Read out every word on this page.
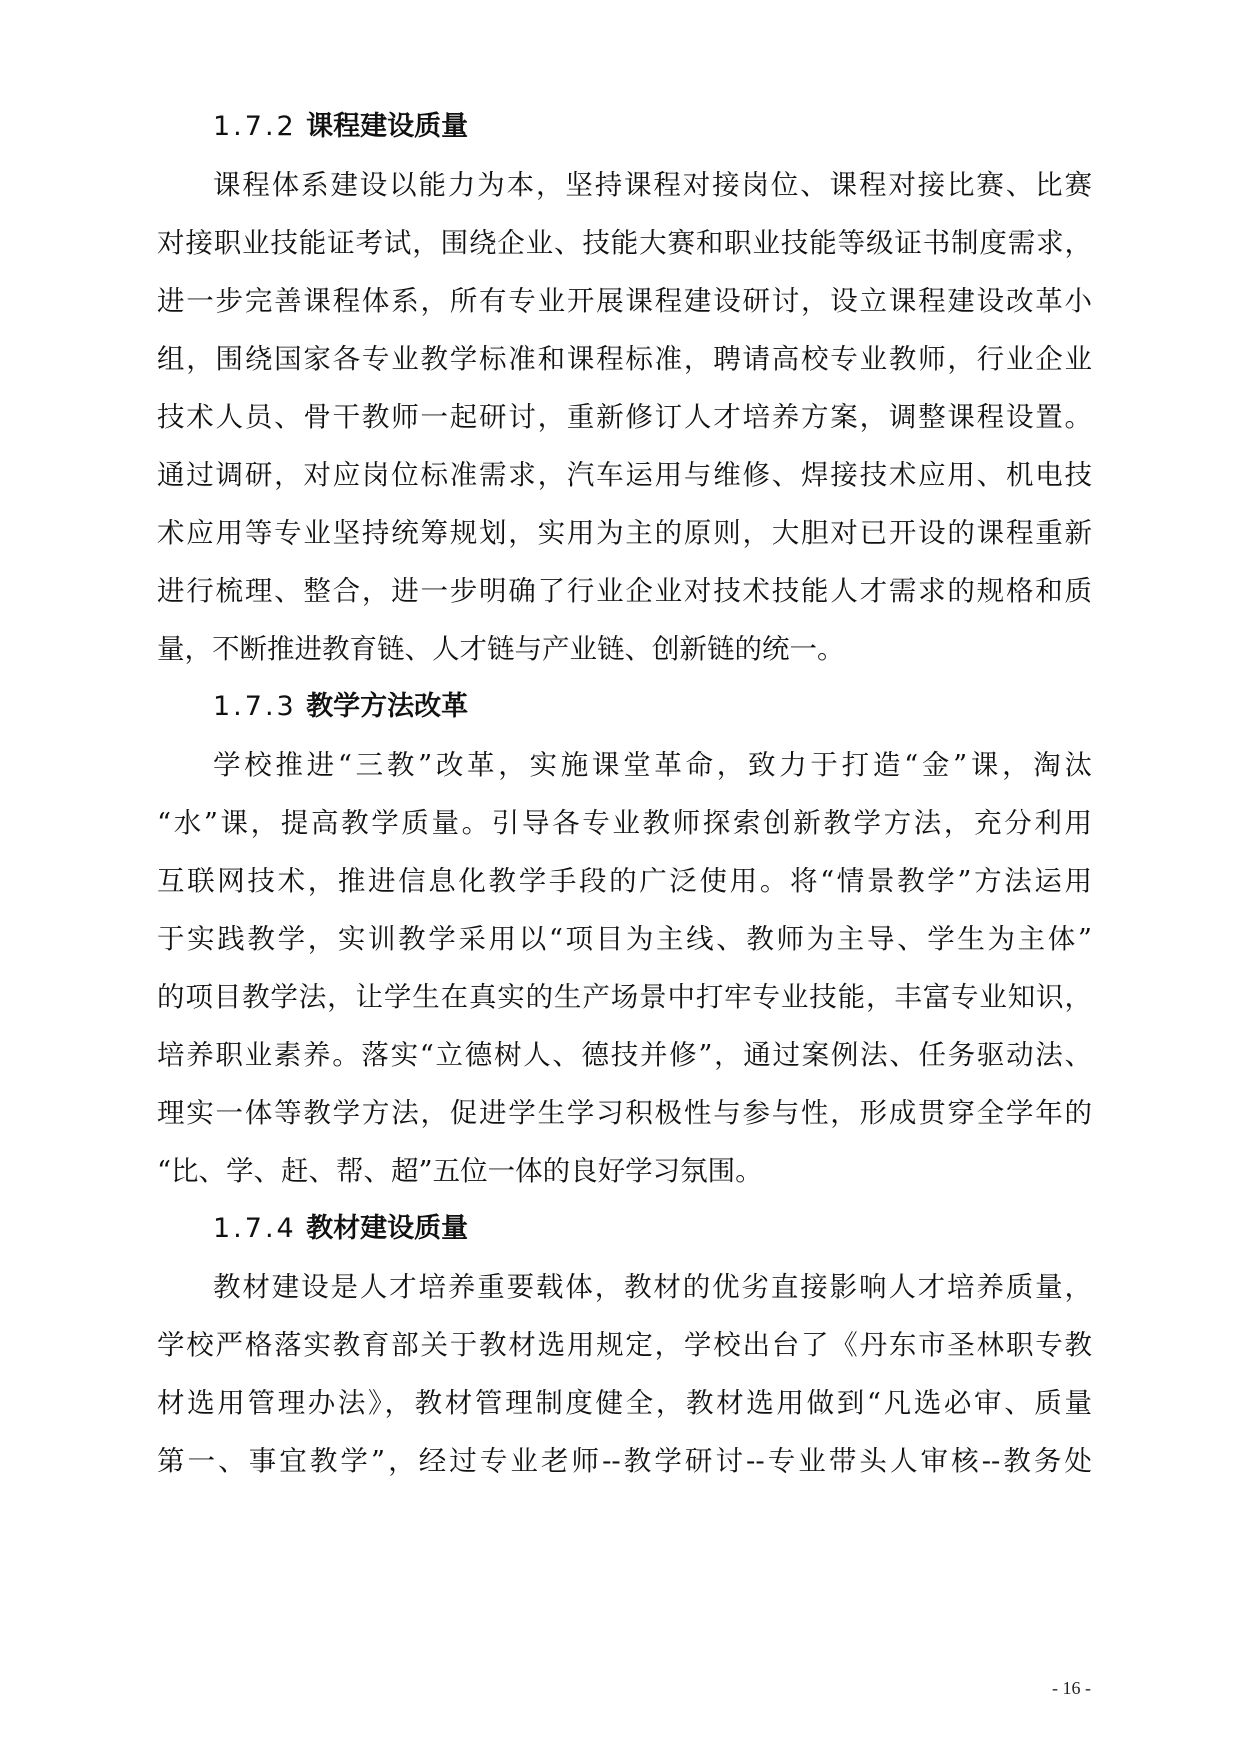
1.7.2 课程建设质量
课程体系建设以能力为本，坚持课程对接岗位、课程对接比赛、比赛
对接职业技能证考试，围绕企业、技能大赛和职业技能等级证书制度需求，
进一步完善课程体系，所有专业开展课程建设研讨，设立课程建设改革小
组，围绕国家各专业教学标准和课程标准，聘请高校专业教师，行业企业
技术人员、骨干教师一起研讨，重新修订人才培养方案，调整课程设置。
通过调研，对应岗位标准需求，汽车运用与维修、焊接技术应用、机电技
术应用等专业坚持统筹规划，实用为主的原则，大胆对已开设的课程重新
进行梳理、整合，进一步明确了行业企业对技术技能人才需求的规格和质
量，不断推进教育链、人才链与产业链、创新链的统一。
1.7.3 教学方法改革
学校推进“三教”改革，实施课堂革命，致力于打造“金”课，淘汰
“水”课，提高教学质量。引导各专业教师探索创新教学方法，充分利用
互联网技术，推进信息化教学手段的广泛使用。将“情景教学”方法运用
于实践教学，实训教学采用以“项目为主线、教师为主导、学生为主体”
的项目教学法，让学生在真实的生产场景中打牢专业技能，丰富专业知识，
培养职业素养。落实“立德树人、德技并修”，通过案例法、任务驱动法、
理实一体等教学方法，促进学生学习积极性与参与性，形成贯穿全学年的
“比、学、赶、帮、超”五位一体的良好学习氛围。
1.7.4 教材建设质量
教材建设是人才培养重要载体，教材的优劣直接影响人才培养质量，
学校严格落实教育部关于教材选用规定，学校出台了《丹东市圣林职专教
材选用管理办法》，教材管理制度健全，教材选用做到“凡选必审、质量
第一、事宜教学”，经过专业老师--教学研讨--专业带头人审核--教务处
- 16 -
